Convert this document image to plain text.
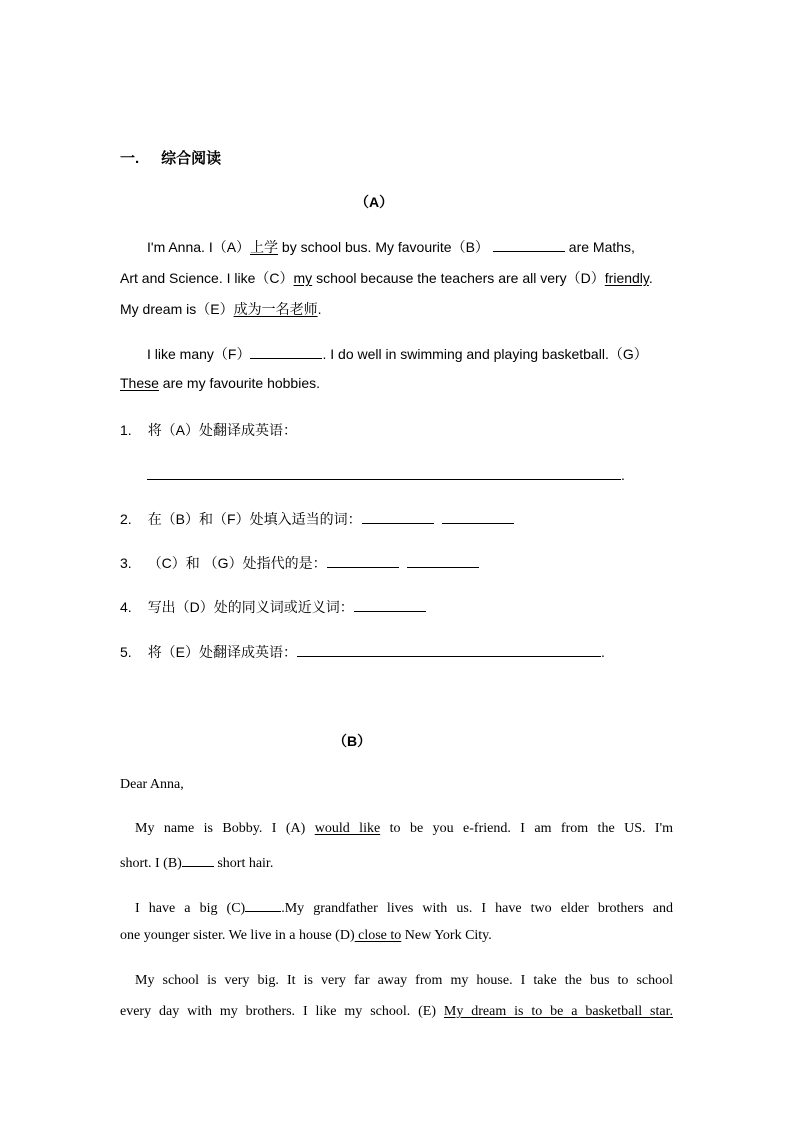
一. 综合阅读
（A）
I'm Anna. I（A）上学 by school bus. My favourite（B）	are Maths,
Art and Science. I like（C）my school because the teachers are all very（D）friendly.
My dream is（E）成为一名老师.
I like many（F）	. I do well in swimming and playing basketball.（G）
These are my favourite hobbies.
1. 将（A）处翻译成英语：
.
2. 在（B）和（F）处填入适当的词：
3. （C）和 （G）处指代的是：
4. 写出（D）处的同义词或近义词：
5. 将（E）处翻译成英语：	.
（B）
Dear Anna,
My name is Bobby. I (A) would like to be you e-friend. I am from the US. I'm
short. I (B) short hair.
I have a big (C)	.My grandfather lives with us. I have two elder brothers and
one younger sister. We live in a house (D) close to New York City.
My school is very big. It is very far away from my house. I take the bus to school
every day with my brothers. I like my school. (E) My dream is to be a basketball star.
